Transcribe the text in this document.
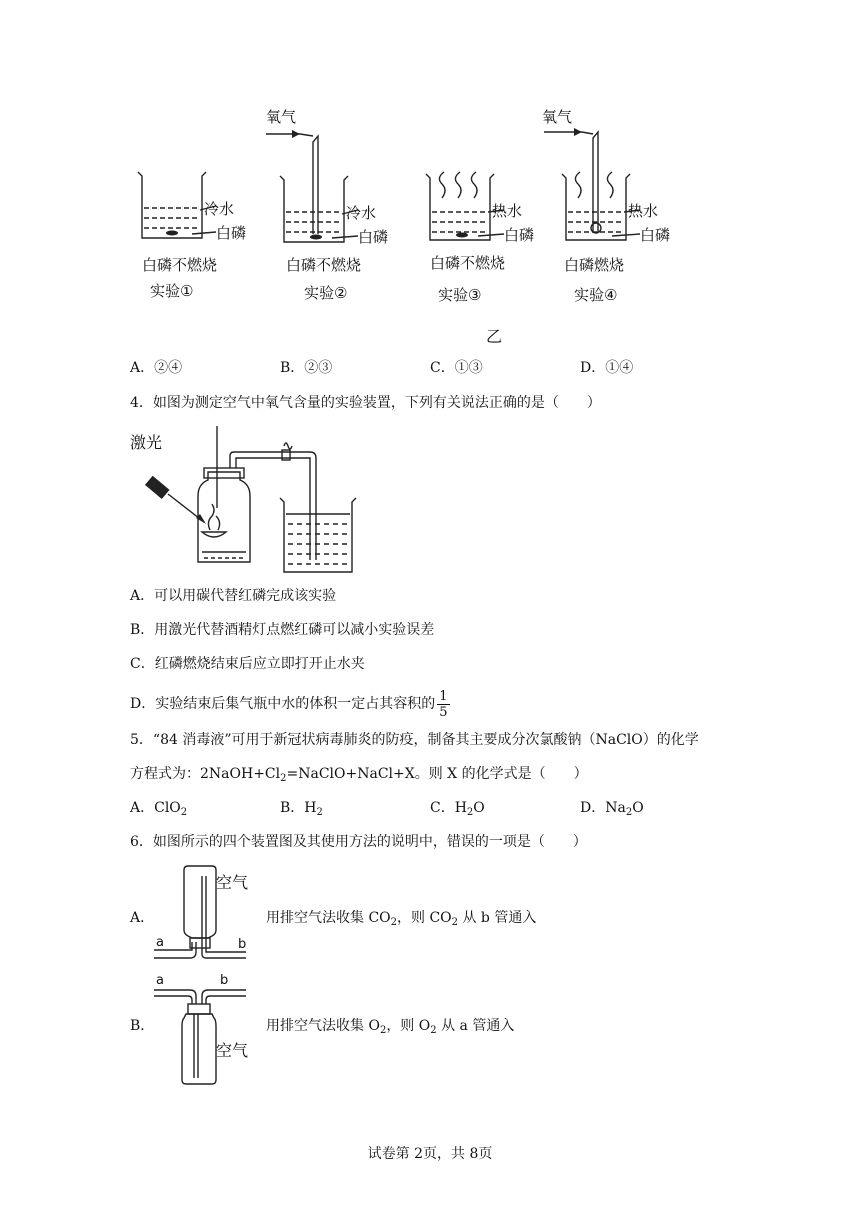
氧气	氧气
冷水
白磷
白磷不燃烧
实验①
冷水
白磷
白磷不燃烧
实验②
热水
白磷
白磷不燃烧
实验③
热水
白磷
白磷燃烧
实验④
乙
A．②④	B．②③	C．①③	D．①④
4．如图为测定空气中氧气含量的实验装置，下列有关说法正确的是（　　）
激光
A．可以用碳代替红磷完成该实验
B．用激光代替酒精灯点燃红磷可以减小实验误差
C．红磷燃烧结束后应立即打开止水夹
D．实验结束后集气瓶中水的体积一定占其容积的 $\frac{1}{5}$
5．“84 消毒液”可用于新冠状病毒肺炎的防疫，制备其主要成分次氯酸钠（NaClO）的化学
方程式为：$2NaOH+Cl_2=NaClO+NaCl+X$。则 X 的化学式是（　　）
A．ClO$_2$	B．$H_2$	C．$H_2O$	D．$Na_2O$
6．如图所示的四个装置图及其使用方法的说明中，错误的一项是（　　）
空气
a	b
A．	用排空气法收集 $CO_2$，则 $CO_2$ 从 b 管通入
a	b
空气
B．	用排空气法收集 $O_2$，则 $O_2$ 从 a 管通入
试卷第 2页，共 8页
